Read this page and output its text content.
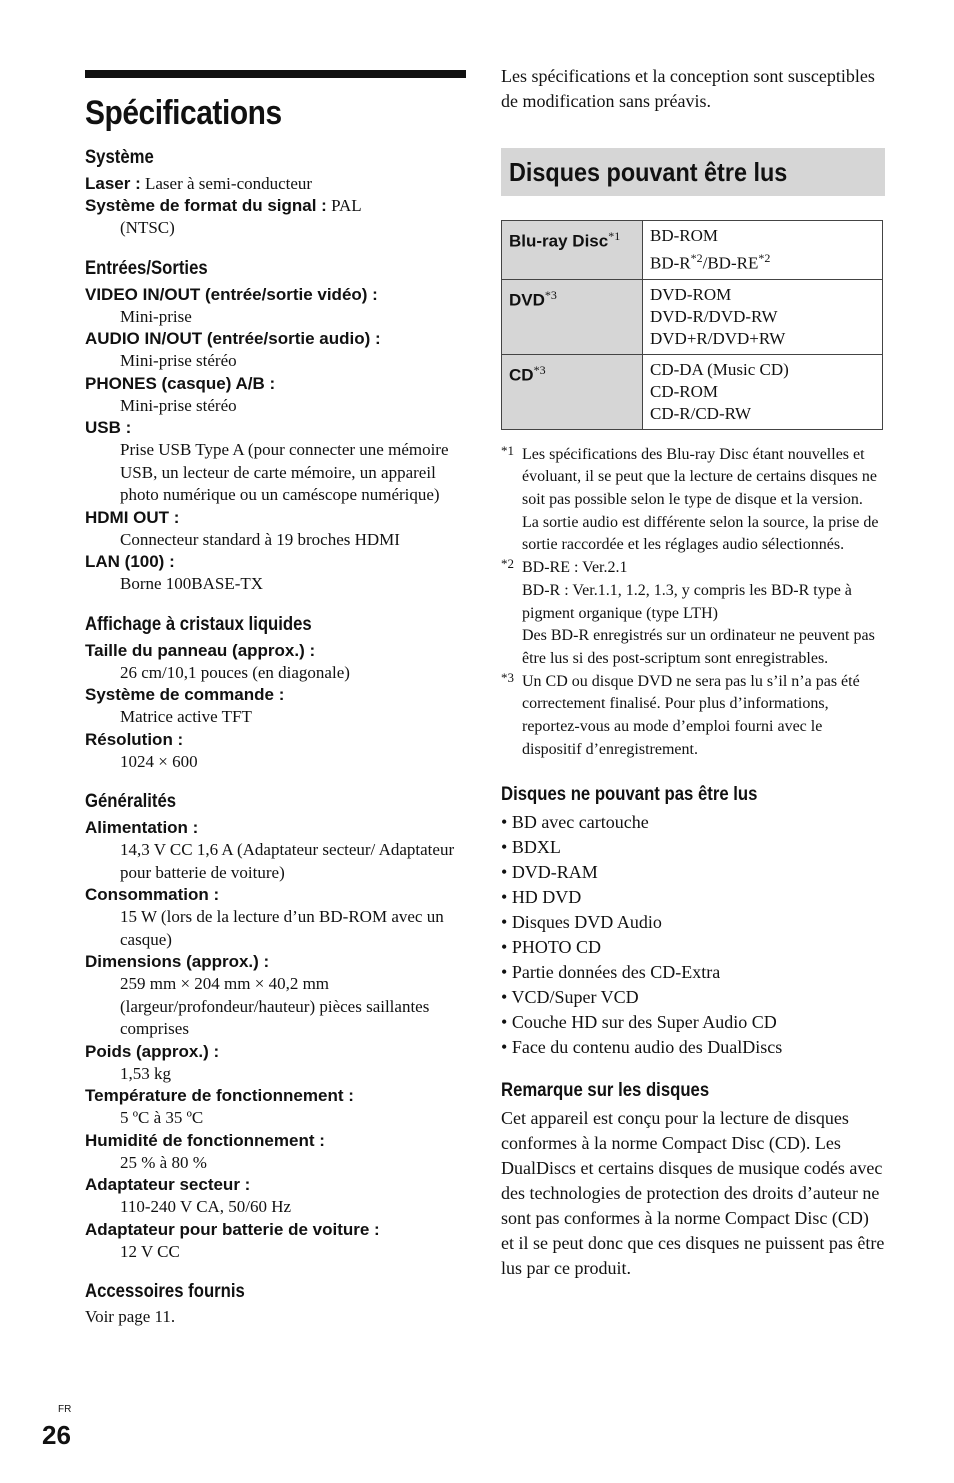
Spécifications
Système
Laser : Laser à semi-conducteur
Système de format du signal : PAL
(NTSC)
Entrées/Sorties
VIDEO IN/OUT (entrée/sortie vidéo) :
Mini-prise
AUDIO IN/OUT (entrée/sortie audio) :
Mini-prise stéréo
PHONES (casque) A/B :
Mini-prise stéréo
USB :
Prise USB Type A (pour connecter une mémoire USB, un lecteur de carte mémoire, un appareil photo numérique ou un caméscope numérique)
HDMI OUT :
Connecteur standard à 19 broches HDMI
LAN (100) :
Borne 100BASE-TX
Affichage à cristaux liquides
Taille du panneau (approx.) :
26 cm/10,1 pouces (en diagonale)
Système de commande :
Matrice active TFT
Résolution :
1024 × 600
Généralités
Alimentation :
14,3 V CC 1,6 A (Adaptateur secteur/ Adaptateur pour batterie de voiture)
Consommation :
15 W (lors de la lecture d’un BD-ROM avec un casque)
Dimensions (approx.) :
259 mm × 204 mm × 40,2 mm (largeur/profondeur/hauteur) pièces saillantes comprises
Poids (approx.) :
1,53 kg
Température de fonctionnement :
5 ºC à 35 ºC
Humidité de fonctionnement :
25 % à 80 %
Adaptateur secteur :
110-240 V CA, 50/60 Hz
Adaptateur pour batterie de voiture :
12 V CC
Accessoires fournis
Voir page 11.
Les spécifications et la conception sont susceptibles de modification sans préavis.
Disques pouvant être lus
Blu-ray Disc$^{*1}$	BD-ROM
$BD-R^{*2}/BD-RE^{*2}$

DVD$^{*3}$	DVD-ROM
DVD-R/DVD-RW
DVD+R/DVD+RW

CD$^{*3}$	CD-DA (Music CD)
CD-ROM
CD-R/CD-RW
*1 Les spécifications des Blu-ray Disc étant nouvelles et évoluant, il se peut que la lecture de certains disques ne soit pas possible selon le type de disque et la version.
La sortie audio est différente selon la source, la prise de sortie raccordée et les réglages audio sélectionnés.
*2 BD-RE : Ver.2.1
BD-R : Ver.1.1, 1.2, 1.3, y compris les BD-R type à pigment organique (type LTH)
Des BD-R enregistrés sur un ordinateur ne peuvent pas être lus si des post-scriptum sont enregistrables.
*3 Un CD ou disque DVD ne sera pas lu s’il n’a pas été correctement finalisé. Pour plus d’informations, reportez-vous au mode d’emploi fourni avec le dispositif d’enregistrement.
Disques ne pouvant pas être lus
• BD avec cartouche
• BDXL
• DVD-RAM
• HD DVD
• Disques DVD Audio
• PHOTO CD
• Partie données des CD-Extra
• VCD/Super VCD
• Couche HD sur des Super Audio CD
• Face du contenu audio des DualDiscs
Remarque sur les disques
Cet appareil est conçu pour la lecture de disques conformes à la norme Compact Disc (CD). Les DualDiscs et certains disques de musique codés avec des technologies de protection des droits d’auteur ne sont pas conformes à la norme Compact Disc (CD) et il se peut donc que ces disques ne puissent pas être lus par ce produit.
FR
26
